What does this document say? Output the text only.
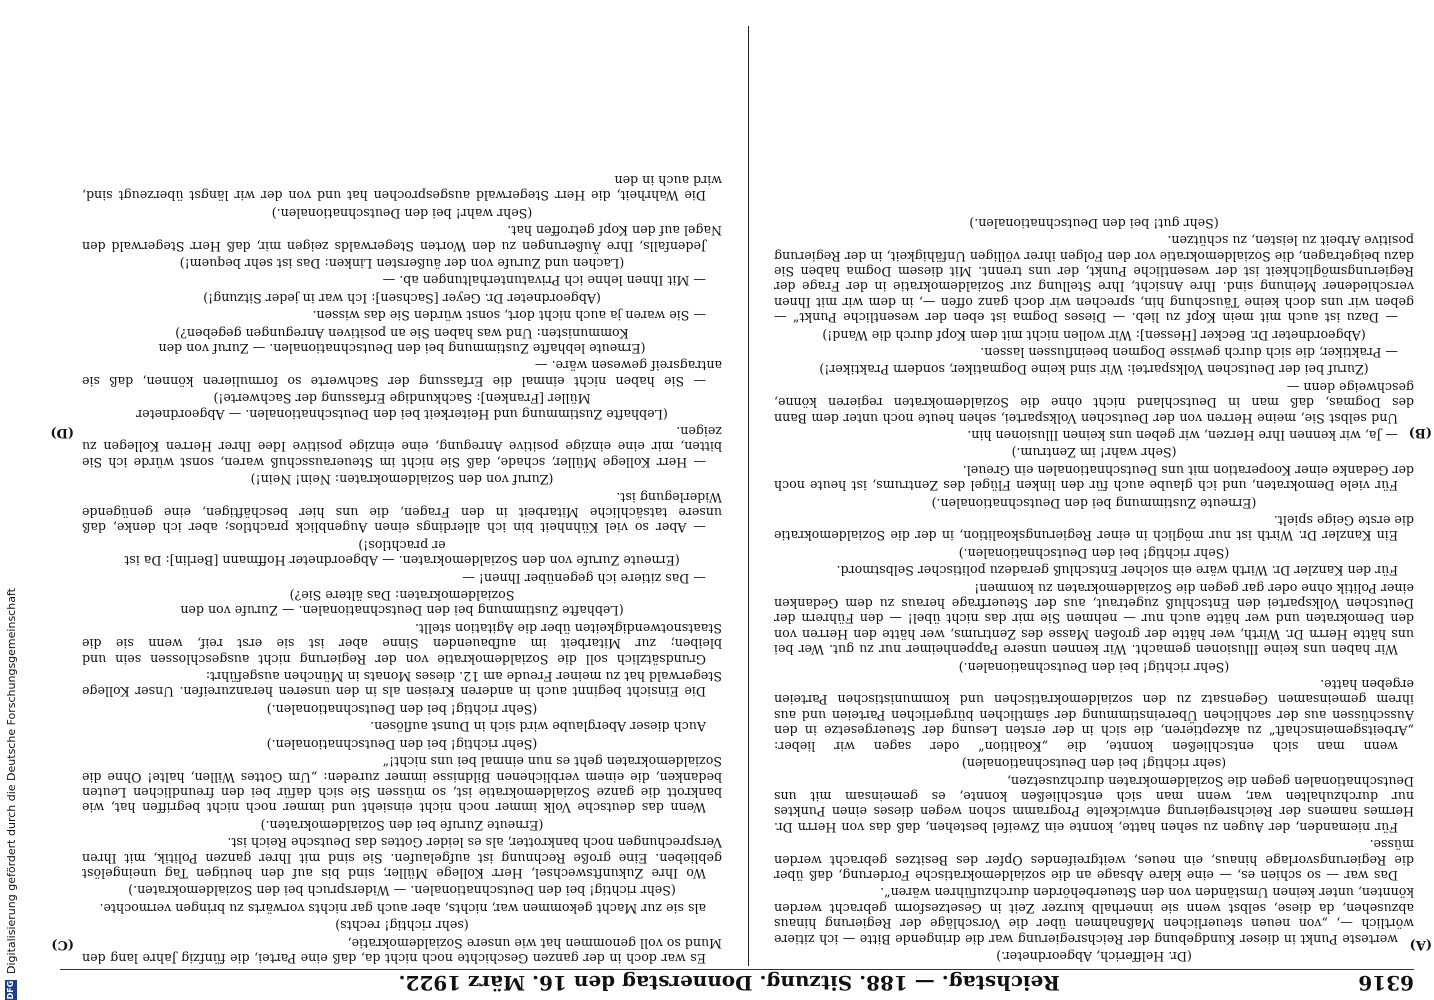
DFG
Digitalisierung gefördert durch die Deutsche Forschungsgemeinschaft
6316
Reichstag. — 188. Sitzung. Donnerstag den 16. März 1922.
(A)
(B)
(C)
(D)

(Dr. Helfferich, Abgeordneter.)

werteste Punkt in dieser Kundgebung der Reichsregierung war die dringende Bitte — ich zitiere wörtlich —, „von neuen steuerlichen Maßnahmen über die Vorschläge der Regierung hinaus abzusehen, da diese, selbst wenn sie innerhalb kurzer Zeit in Gesetzesform gebracht werden könnten, unter keinen Umständen von den Steuerbehörden durchzuführen wären“.

Das war — so schien es, — eine klare Absage an die sozialdemokratische Forderung, daß über die Regierungsvorlage hinaus, ein neues, weitgreifendes Opfer des Besitzes gebracht werden müsse.

Für niemanden, der Augen zu sehen hatte, konnte ein Zweifel bestehen, daß das von Herrn Dr. Hermes namens der Reichsregierung entwickelte Programm schon wegen dieses einen Punktes nur durchzuhalten war, wenn man sich entschließen konnte, es gemeinsam mit uns Deutschnationalen gegen die Sozialdemokraten durchzusetzen,

(sehr richtig! bei den Deutschnationalen)

wenn man sich entschließen konnte, die „Koalition“ oder sagen wir lieber: „Arbeitsgemeinschaft“ zu akzeptieren, die sich in der ersten Lesung der Steuergesetze in den Ausschüssen aus der sachlichen Übereinstimmung der sämtlichen bürgerlichen Parteien und aus ihrem gemeinsamen Gegensatz zu den sozialdemokratischen und kommunistischen Parteien ergeben hatte.

(Sehr richtig! bei den Deutschnationalen.)

Wir haben uns keine Illusionen gemacht. Wir kennen unsere Pappenheimer nur zu gut. Wer bei uns hätte Herrn Dr. Wirth, wer hätte der großen Masse des Zentrums, wer hätte den Herren von den Demokraten und wer hätte auch nur — nehmen Sie mir das nicht übel! — den Führern der Deutschen Volkspartei den Entschluß zugetraut, aus der Steuerfrage heraus zu dem Gedanken einer Politik ohne oder gar gegen die Sozialdemokraten zu kommen!

Für den Kanzler Dr. Wirth wäre ein solcher Entschluß geradezu politischer Selbstmord.

(Sehr richtig! bei den Deutschnationalen.)

Ein Kanzler Dr. Wirth ist nur möglich in einer Regierungskoalition, in der die Sozialdemokratie die erste Geige spielt.

(Erneute Zustimmung bei den Deutschnationalen.)

Für viele Demokraten, und ich glaube auch für den linken Flügel des Zentrums, ist heute noch der Gedanke einer Kooperation mit uns Deutschnationalen ein Greuel.

(Sehr wahr! im Zentrum.)

— Ja, wir kennen Ihre Herzen, wir geben uns keinen Illusionen hin.

Und selbst Sie, meine Herren von der Deutschen Volkspartei, sehen heute noch unter dem Bann des Dogmas, daß man in Deutschland nicht ohne die Sozialdemokraten regieren könne, geschweige denn —

(Zuruf bei der Deutschen Volkspartei: Wir sind keine Dogmatiker, sondern Praktiker!)

— Praktiker, die sich durch gewisse Dogmen beeinflussen lassen.

(Abgeordneter Dr. Becker [Hessen]: Wir wollen nicht mit dem Kopf durch die Wand!)

— Dazu ist auch mit mein Kopf zu lieb. — Dieses Dogma ist eben der wesentliche Punkt“ — geben wir uns doch keine Täuschung hin, sprechen wir doch ganz offen —, in dem wir mit Ihnen verschiedener Meinung sind. Ihre Ansicht, Ihre Stellung zur Sozialdemokratie in der Frage der Regierungsmöglichkeit ist der wesentliche Punkt, der uns trennt. Mit diesem Dogma haben Sie dazu beigetragen, die Sozialdemokratie vor den Folgen ihrer völligen Unfähigkeit, in der Regierung positive Arbeit zu leisten, zu schützen.

(Sehr gut! bei den Deutschnationalen.)

Es war doch in der ganzen Geschichte noch nicht da, daß eine Partei, die fünfzig Jahre lang den Mund so voll genommen hat wie unsere Sozialdemokratie,

(sehr richtig! rechts)

als sie zur Macht gekommen war, nichts, aber auch gar nichts vorwärts zu bringen vermochte.

(Sehr richtig! bei den Deutschnationalen. — Widerspruch bei den Sozialdemokraten.)

Wo Ihre Zukunftswechsel, Herr Kollege Müller, sind bis auf den heutigen Tag uneingelöst geblieben. Eine große Rechnung ist aufgelaufen. Sie sind mit Ihrer ganzen Politik, mit Ihren Versprechungen noch bankrotter, als es leider Gottes das Deutsche Reich ist.

(Erneute Zurufe bei den Sozialdemokraten.)

Wenn das deutsche Volk immer noch nicht einsieht und immer noch nicht begriffen hat, wie bankrott die ganze Sozialdemokratie ist, so müssen Sie sich dafür bei den freundlichen Leuten bedanken, die einem verblichenen Bildnisse immer zureden: „Um Gottes Willen, halte! Ohne die Sozialdemokraten geht es nun einmal bei uns nicht!“

(Sehr richtig! bei den Deutschnationalen.)

Auch dieser Aberglaube wird sich in Dunst auflösen.

(Sehr richtig! bei den Deutschnationalen.)

Die Einsicht beginnt auch in anderen Kreisen als in den unseren heranzureifen. Unser Kollege Stegerwald hat zu meiner Freude am 12. dieses Monats in München ausgeführt:

Grundsätzlich soll die Sozialdemokratie von der Regierung nicht ausgeschlossen sein und bleiben; zur Mitarbeit im aufbauenden Sinne aber ist sie erst reif, wenn sie die Staatsnotwendigkeiten über die Agitation stellt.

(Lebhafte Zustimmung bei den Deutschnationalen. — Zurufe von den Sozialdemokraten: Das ältere Sie?)

— Das zitiere ich gegenüber Ihnen! —

(Erneute Zurufe von den Sozialdemokraten. — Abgeordneter Hoffmann [Berlin]: Da ist er prachtlos!)

— Aber so viel Kühnheit bin ich allerdings einen Augenblick prachtlos; aber ich denke, daß unsere tatsächliche Mitarbeit in den Fragen, die uns hier beschäftigen, eine genügende Widerlegung ist.

(Zuruf von den Sozialdemokraten: Nein! Nein!)

— Herr Kollege Müller, schade, daß Sie nicht im Steuerausschuß waren, sonst würde ich Sie bitten, mir eine einzige positive Anregung, eine einzige positive Idee Ihrer Herren Kollegen zu zeigen.

(Lebhafte Zustimmung und Heiterkeit bei den Deutschnationalen. — Abgeordneter Müller [Franken]: Sachkundige Erfassung der Sachwerte!)

— Sie haben nicht einmal die Erfassung der Sachwerte so formulieren können, daß sie antragsreif gewesen wäre. —

(Erneute lebhafte Zustimmung bei den Deutschnationalen. — Zuruf von den Kommunisten: Und was haben Sie an positiven Anregungen gegeben?)

— Sie waren ja auch nicht dort, sonst würden Sie das wissen.

(Abgeordneter Dr. Geyer [Sachsen]: Ich war in jeder Sitzung!)

— Mit Ihnen lehne ich Privatunterhaltungen ab. —

(Lachen und Zurufe von der äußersten Linken: Das ist sehr bequem!)

Jedenfalls, Ihre Äußerungen zu den Worten Stegerwalds zeigen mir, daß Herr Stegerwald den Nagel auf den Kopf getroffen hat.

(Sehr wahr! bei den Deutschnationalen.)

Die Wahrheit, die Herr Stegerwald ausgesprochen hat und von der wir längst überzeugt sind, wird auch in den
